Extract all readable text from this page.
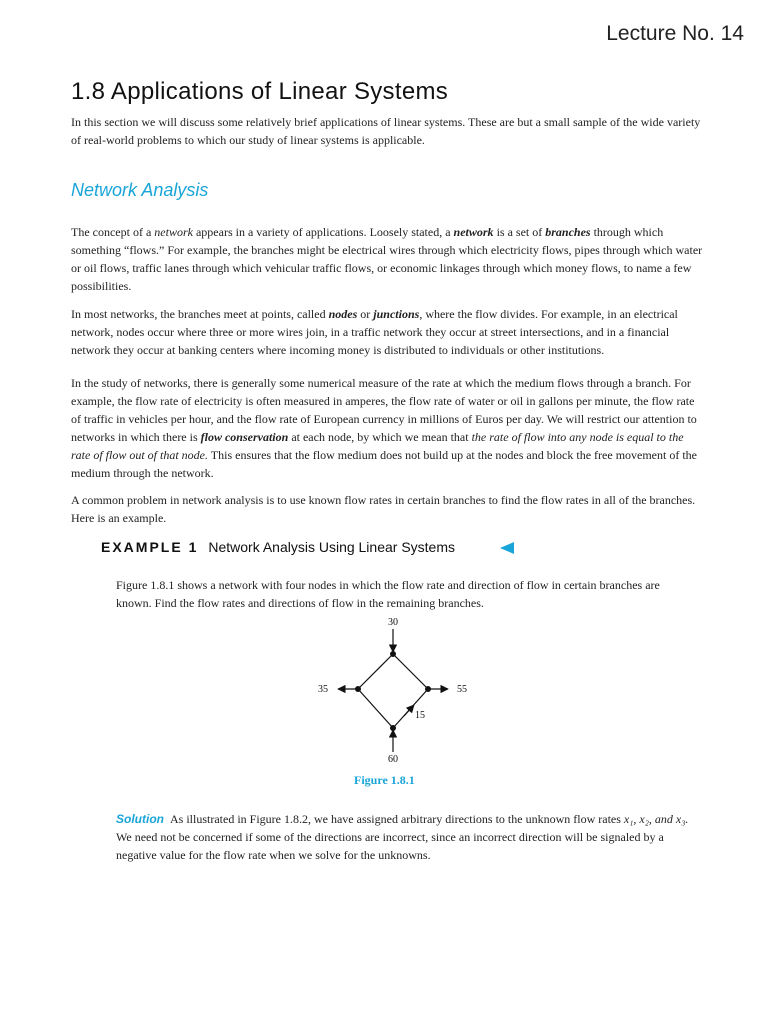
Lecture No. 14
1.8 Applications of Linear Systems

In this section we will discuss some relatively brief applications of linear systems. These are but a small sample of the wide variety of real-world problems to which our study of linear systems is applicable.

Network Analysis

The concept of a network appears in a variety of applications. Loosely stated, a network is a set of branches through which something “flows.” For example, the branches might be electrical wires through which electricity flows, pipes through which water or oil flows, traffic lanes through which vehicular traffic flows, or economic linkages through which money flows, to name a few possibilities.

In most networks, the branches meet at points, called nodes or junctions, where the flow divides. For example, in an electrical network, nodes occur where three or more wires join, in a traffic network they occur at street intersections, and in a financial network they occur at banking centers where incoming money is distributed to individuals or other institutions.

In the study of networks, there is generally some numerical measure of the rate at which the medium flows through a branch. For example, the flow rate of electricity is often measured in amperes, the flow rate of water or oil in gallons per minute, the flow rate of traffic in vehicles per hour, and the flow rate of European currency in millions of Euros per day. We will restrict our attention to networks in which there is flow conservation at each node, by which we mean that the rate of flow into any node is equal to the rate of flow out of that node. This ensures that the flow medium does not build up at the nodes and block the free movement of the medium through the network.

A common problem in network analysis is to use known flow rates in certain branches to find the flow rates in all of the branches. Here is an example.

EXAMPLE 1 Network Analysis Using Linear Systems

Figure 1.8.1 shows a network with four nodes in which the flow rate and direction of flow in certain branches are known. Find the flow rates and directions of flow in the remaining branches.

30
35	55
15
60
Figure 1.8.1

Solution As illustrated in Figure 1.8.2, we have assigned arbitrary directions to the unknown flow rates x₁, x₂, and x₃. We need not be concerned if some of the directions are incorrect, since an incorrect direction will be signaled by a negative value for the flow rate when we solve for the unknowns.
